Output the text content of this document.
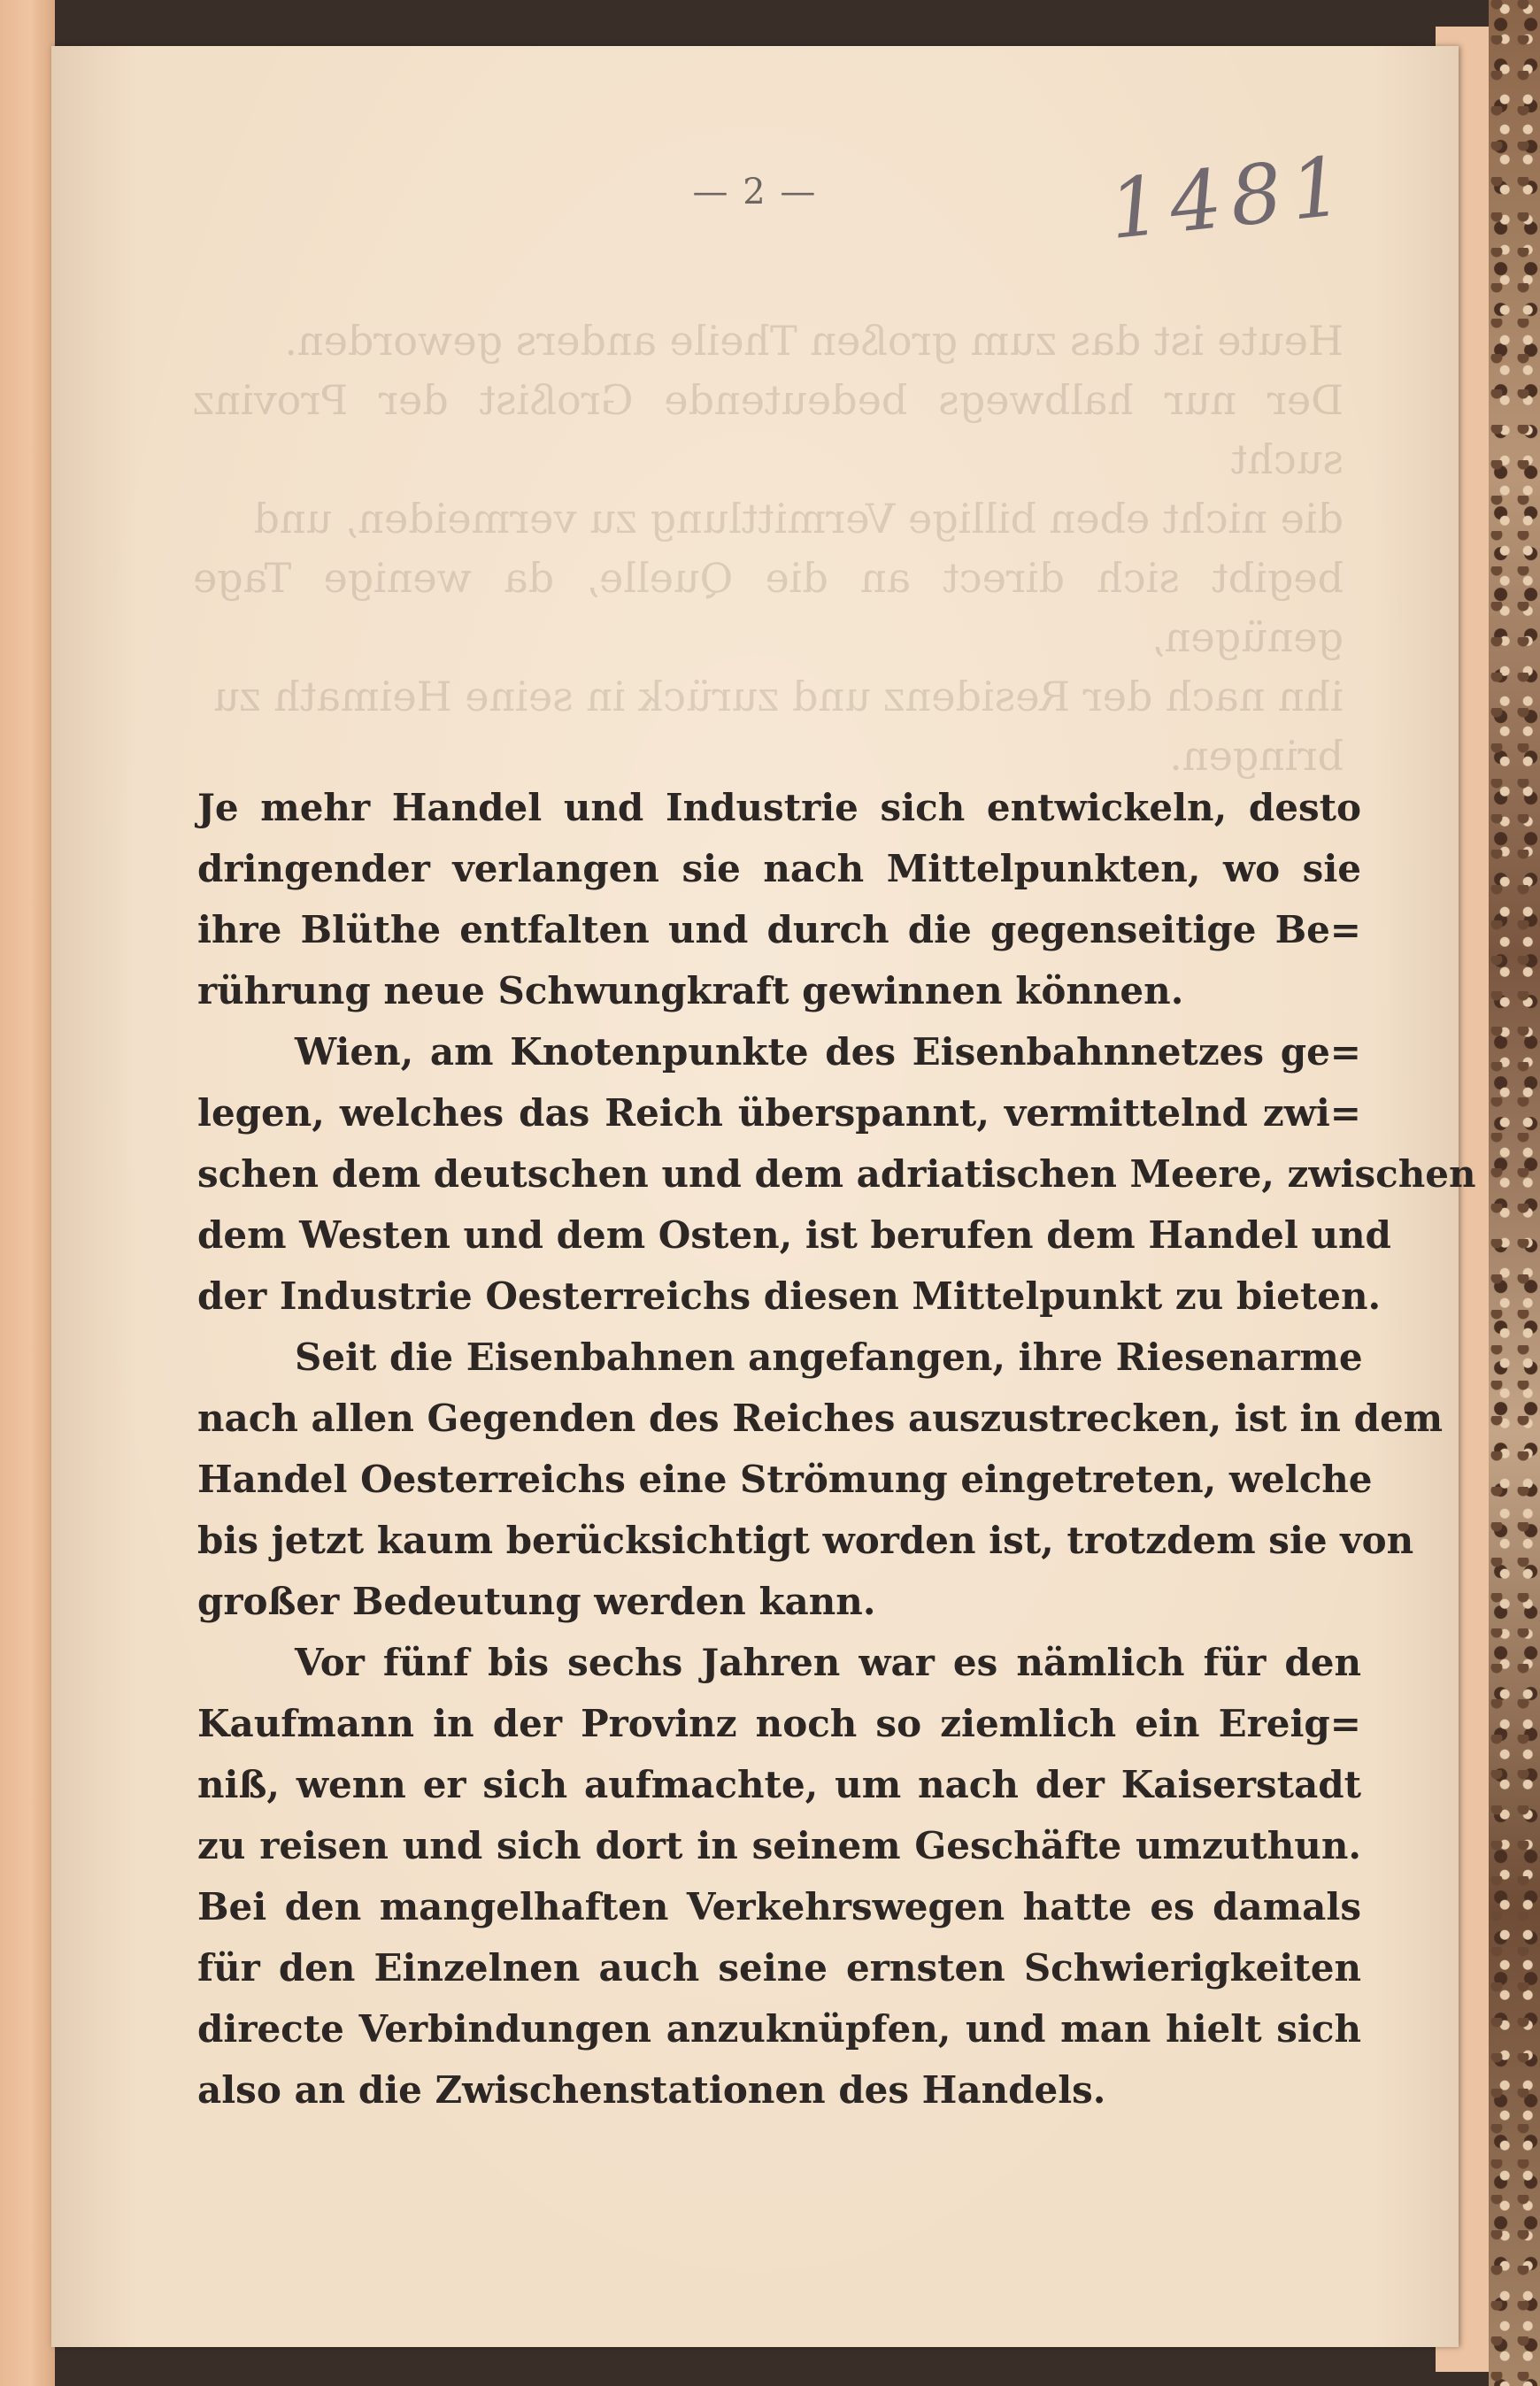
— 2 —	1481

Heute ist das zum großen Theile anders geworden.

Der nur halbwegs bedeutende Großist der Provinz sucht

die nicht eben billige Vermittlung zu vermeiden, und

begibt sich direct an die Quelle, da wenige Tage genügen,

ihn nach der Residenz und zurück in seine Heimath zu

bringen.

Je mehr Handel und Industrie sich entwickeln, desto
dringender verlangen sie nach Mittelpunkten, wo sie
ihre Blüthe entfalten und durch die gegenseitige Be=
rührung neue Schwungkraft gewinnen können.
Wien, am Knotenpunkte des Eisenbahnnetzes ge=
legen, welches das Reich überspannt, vermittelnd zwi=
schen dem deutschen und dem adriatischen Meere, zwischen
dem Westen und dem Osten, ist berufen dem Handel und
der Industrie Oesterreichs diesen Mittelpunkt zu bieten.
Seit die Eisenbahnen angefangen, ihre Riesenarme
nach allen Gegenden des Reiches auszustrecken, ist in dem
Handel Oesterreichs eine Strömung eingetreten, welche
bis jetzt kaum berücksichtigt worden ist, trotzdem sie von
großer Bedeutung werden kann.
Vor fünf bis sechs Jahren war es nämlich für den
Kaufmann in der Provinz noch so ziemlich ein Ereig=
niß, wenn er sich aufmachte, um nach der Kaiserstadt
zu reisen und sich dort in seinem Geschäfte umzuthun.
Bei den mangelhaften Verkehrswegen hatte es damals
für den Einzelnen auch seine ernsten Schwierigkeiten
directe Verbindungen anzuknüpfen, und man hielt sich
also an die Zwischenstationen des Handels.
